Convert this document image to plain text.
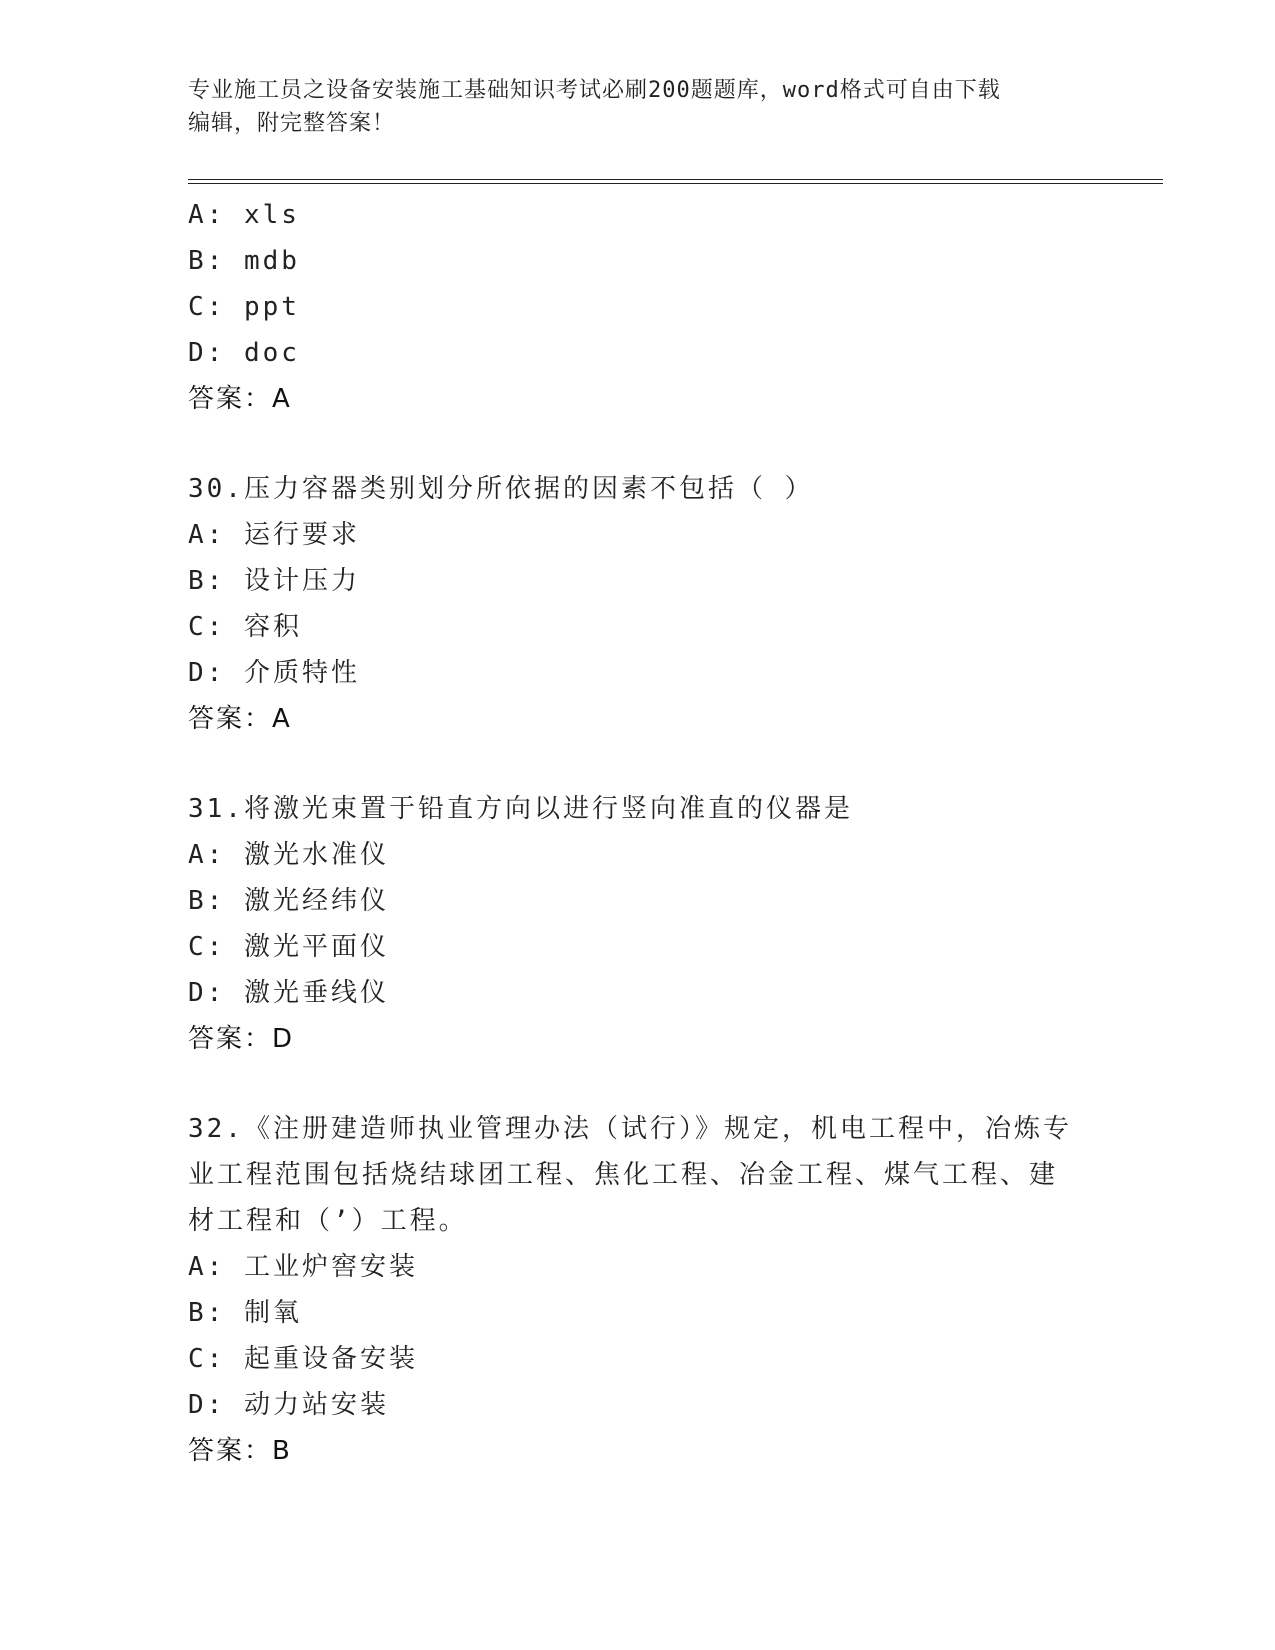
专业施工员之设备安装施工基础知识考试必刷200题题库，word格式可自由下载
编辑，附完整答案！
A: xls
B: mdb
C: ppt
D: doc
答案：A
30.压力容器类别划分所依据的因素不包括（ ）
A: 运行要求
B: 设计压力
C: 容积
D: 介质特性
答案：A
31.将激光束置于铅直方向以进行竖向准直的仪器是
A: 激光水准仪
B: 激光经纬仪
C: 激光平面仪
D: 激光垂线仪
答案：D
32.《注册建造师执业管理办法（试行）》规定，机电工程中，冶炼专
业工程范围包括烧结球团工程、焦化工程、冶金工程、煤气工程、建
材工程和（’）工程。
A: 工业炉窖安装
B: 制氧
C: 起重设备安装
D: 动力站安装
答案：B
